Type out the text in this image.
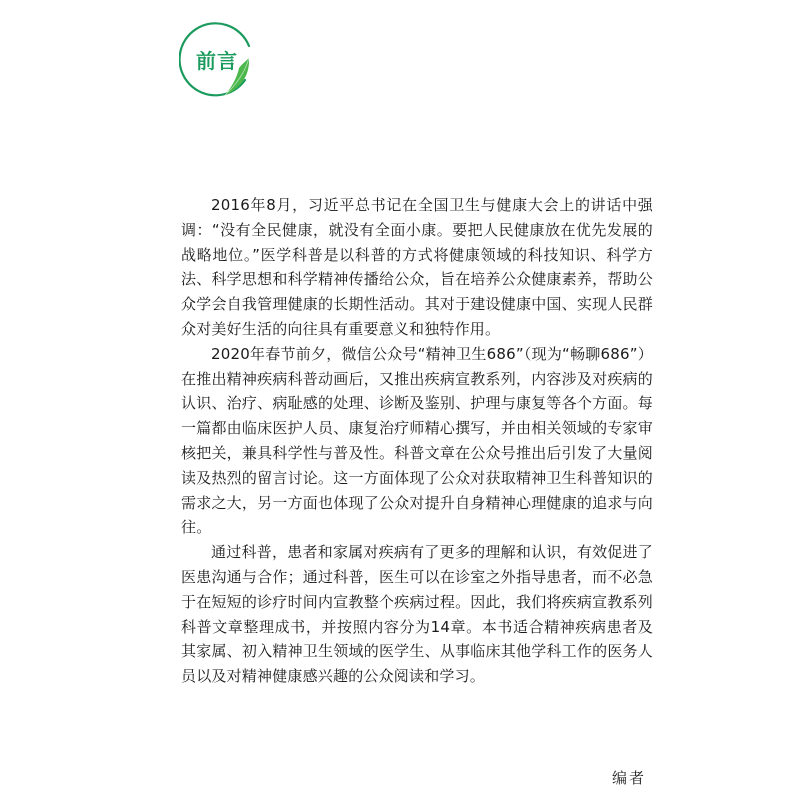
前言

2016年8月，习近平总书记在全国卫生与健康大会上的讲话中强调：“没有全民健康，就没有全面小康。要把人民健康放在优先发展的战略地位。”医学科普是以科普的方式将健康领域的科技知识、科学方法、科学思想和科学精神传播给公众，旨在培养公众健康素养，帮助公众学会自我管理健康的长期性活动。其对于建设健康中国、实现人民群众对美好生活的向往具有重要意义和独特作用。

2020年春节前夕，微信公众号“精神卫生686”（现为“畅聊686”）在推出精神疾病科普动画后，又推出疾病宣教系列，内容涉及对疾病的认识、治疗、病耻感的处理、诊断及鉴别、护理与康复等各个方面。每一篇都由临床医护人员、康复治疗师精心撰写，并由相关领域的专家审核把关，兼具科学性与普及性。科普文章在公众号推出后引发了大量阅读及热烈的留言讨论。这一方面体现了公众对获取精神卫生科普知识的需求之大，另一方面也体现了公众对提升自身精神心理健康的追求与向往。

通过科普，患者和家属对疾病有了更多的理解和认识，有效促进了医患沟通与合作；通过科普，医生可以在诊室之外指导患者，而不必急于在短短的诊疗时间内宣教整个疾病过程。因此，我们将疾病宣教系列科普文章整理成书，并按照内容分为14章。本书适合精神疾病患者及其家属、初入精神卫生领域的医学生、从事临床其他学科工作的医务人员以及对精神健康感兴趣的公众阅读和学习。

编者
